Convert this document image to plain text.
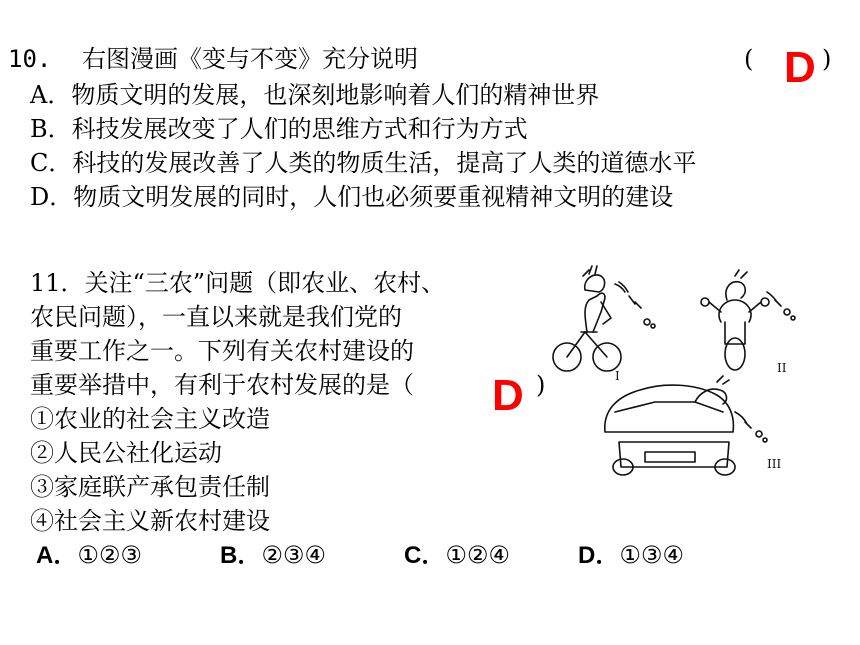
10. 右图漫画《变与不变》充分说明	(	)
D
A．物质文明的发展，也深刻地影响着人们的精神世界
B．科技发展改变了人们的思维方式和行为方式
C．科技的发展改善了人类的物质生活，提高了人类的道德水平
D．物质文明发展的同时，人们也必须要重视精神文明的建设
11．关注“三农”问题（即农业、农村、
农民问题），一直以来就是我们党的
重要工作之一。下列有关农村建设的
重要举措中，有利于农村发展的是（	)
D
①农业的社会主义改造
②人民公社化运动
③家庭联产承包责任制
④社会主义新农村建设
A．①②③	B．②③④	C．①②④	D．①③④
I
II
III
